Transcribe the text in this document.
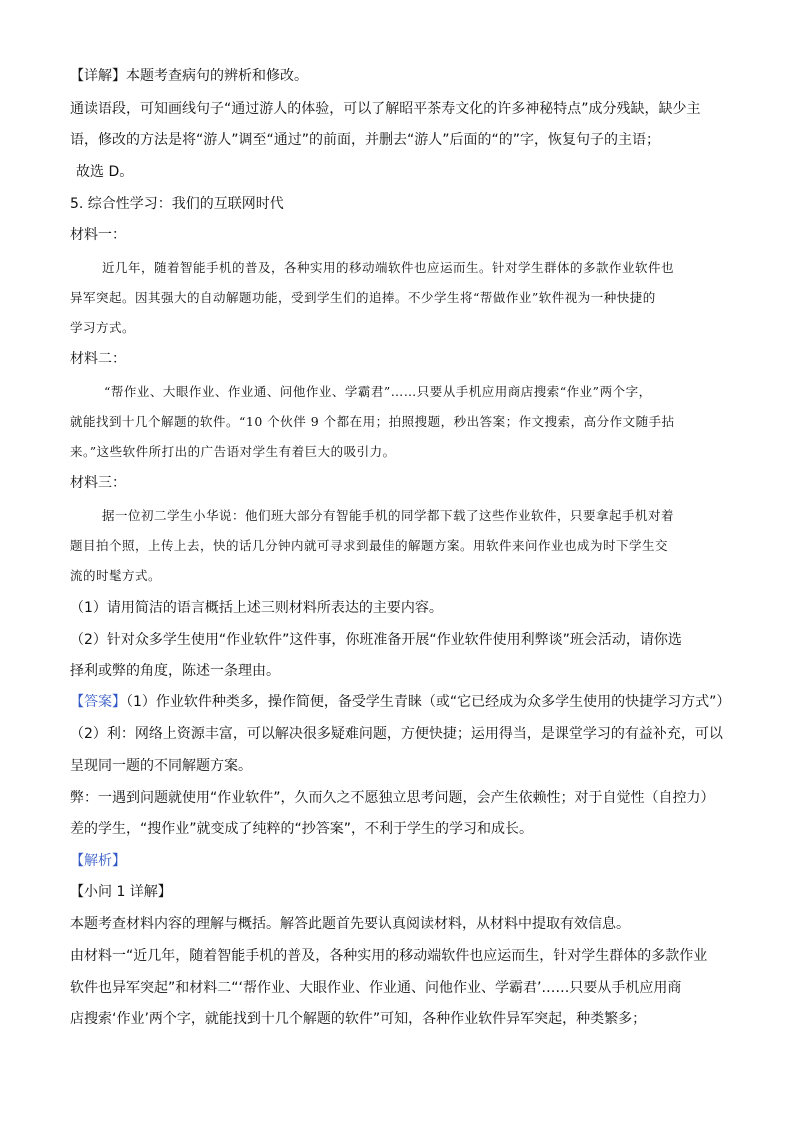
【详解】本题考查病句的辨析和修改。
通读语段，可知画线句子“通过游人的体验，可以了解昭平茶寿文化的许多神秘特点”成分残缺，缺少主
语，修改的方法是将“游人”调至“通过”的前面，并删去“游人”后面的“的”字，恢复句子的主语；
故选 D。
5. 综合性学习：我们的互联网时代
材料一：
近几年，随着智能手机的普及，各种实用的移动端软件也应运而生。针对学生群体的多款作业软件也
异军突起。因其强大的自动解题功能，受到学生们的追捧。不少学生将“帮做作业”软件视为一种快捷的
学习方式。
材料二：
“帮作业、大眼作业、作业通、问他作业、学霸君”……只要从手机应用商店搜索“作业”两个字，
就能找到十几个解题的软件。“10 个伙伴 9 个都在用；拍照搜题，秒出答案；作文搜索，高分作文随手拈
来。”这些软件所打出的广告语对学生有着巨大的吸引力。
材料三：
据一位初二学生小华说：他们班大部分有智能手机的同学都下载了这些作业软件，只要拿起手机对着
题目拍个照，上传上去，快的话几分钟内就可寻求到最佳的解题方案。用软件来问作业也成为时下学生交
流的时髦方式。
（1）请用简洁的语言概括上述三则材料所表达的主要内容。
（2）针对众多学生使用“作业软件”这件事，你班准备开展“作业软件使用利弊谈”班会活动，请你选
择利或弊的角度，陈述一条理由。
【答案】（1）作业软件种类多，操作简便，备受学生青睐（或“它已经成为众多学生使用的快捷学习方式”）
（2）利：网络上资源丰富，可以解决很多疑难问题，方便快捷；运用得当，是课堂学习的有益补充，可以
呈现同一题的不同解题方案。
弊：一遇到问题就使用“作业软件”，久而久之不愿独立思考问题，会产生依赖性；对于自觉性（自控力）
差的学生，“搜作业”就变成了纯粹的“抄答案”，不利于学生的学习和成长。
【解析】
【小问 1 详解】
本题考查材料内容的理解与概括。解答此题首先要认真阅读材料，从材料中提取有效信息。
由材料一“近几年，随着智能手机的普及，各种实用的移动端软件也应运而生，针对学生群体的多款作业
软件也异军突起”和材料二“‘帮作业、大眼作业、作业通、问他作业、学霸君’……只要从手机应用商
店搜索‘作业’两个字，就能找到十几个解题的软件”可知，各种作业软件异军突起，种类繁多；
